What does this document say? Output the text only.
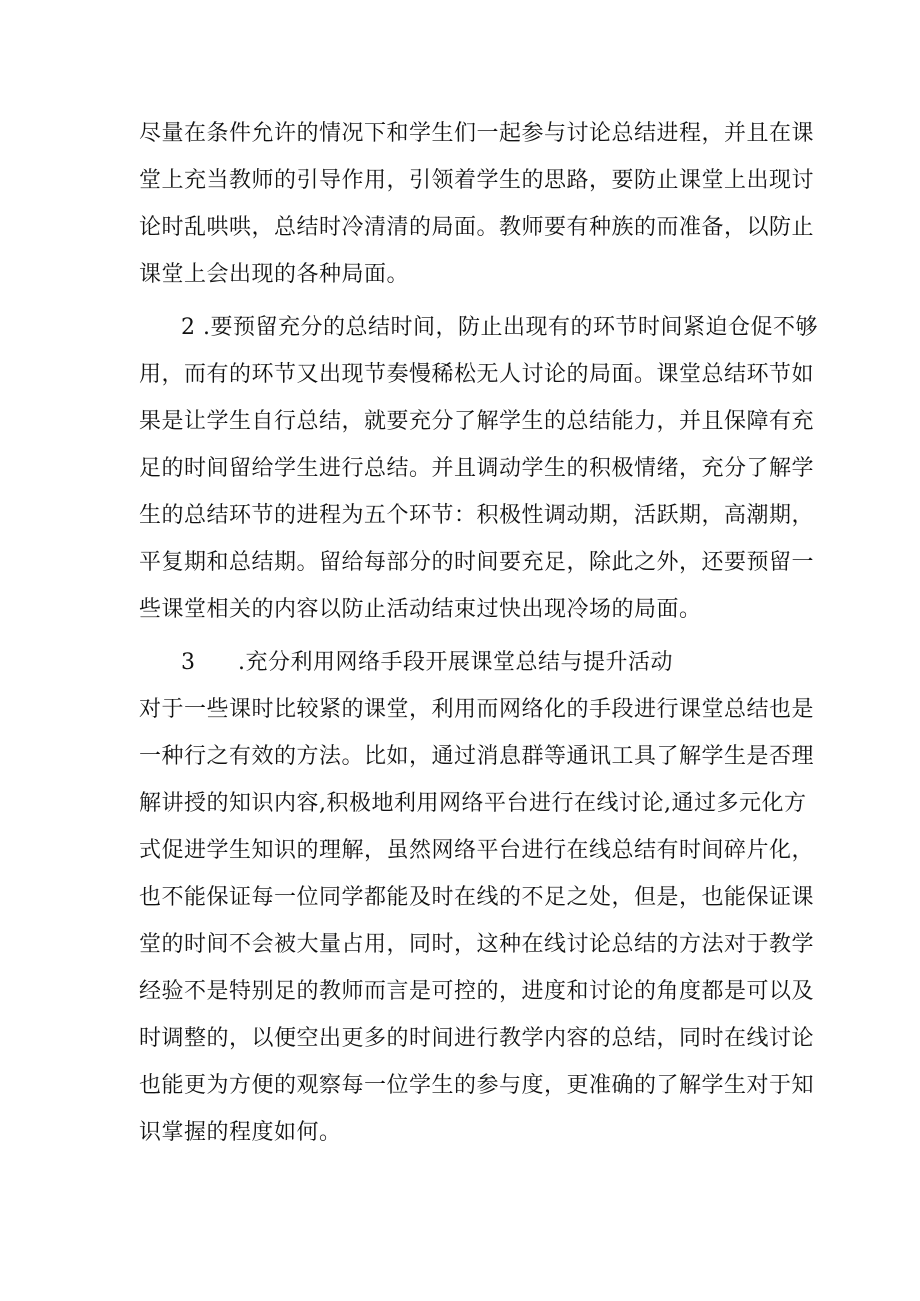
尽量在条件允许的情况下和学生们一起参与讨论总结进程，并且在课
堂上充当教师的引导作用，引领着学生的思路，要防止课堂上出现讨
论时乱哄哄，总结时冷清清的局面。教师要有种族的而准备，以防止
课堂上会出现的各种局面。
2 .要预留充分的总结时间，防止出现有的环节时间紧迫仓促不够
用，而有的环节又出现节奏慢稀松无人讨论的局面。课堂总结环节如
果是让学生自行总结，就要充分了解学生的总结能力，并且保障有充
足的时间留给学生进行总结。并且调动学生的积极情绪，充分了解学
生的总结环节的进程为五个环节：积极性调动期，活跃期，高潮期，
平复期和总结期。留给每部分的时间要充足，除此之外，还要预留一
些课堂相关的内容以防止活动结束过快出现冷场的局面。
3 .充分利用网络手段开展课堂总结与提升活动
对于一些课时比较紧的课堂，利用而网络化的手段进行课堂总结也是
一种行之有效的方法。比如，通过消息群等通讯工具了解学生是否理
解讲授的知识内容,积极地利用网络平台进行在线讨论,通过多元化方
式促进学生知识的理解，虽然网络平台进行在线总结有时间碎片化，
也不能保证每一位同学都能及时在线的不足之处，但是，也能保证课
堂的时间不会被大量占用，同时，这种在线讨论总结的方法对于教学
经验不是特别足的教师而言是可控的，进度和讨论的角度都是可以及
时调整的，以便空出更多的时间进行教学内容的总结，同时在线讨论
也能更为方便的观察每一位学生的参与度，更准确的了解学生对于知
识掌握的程度如何。
